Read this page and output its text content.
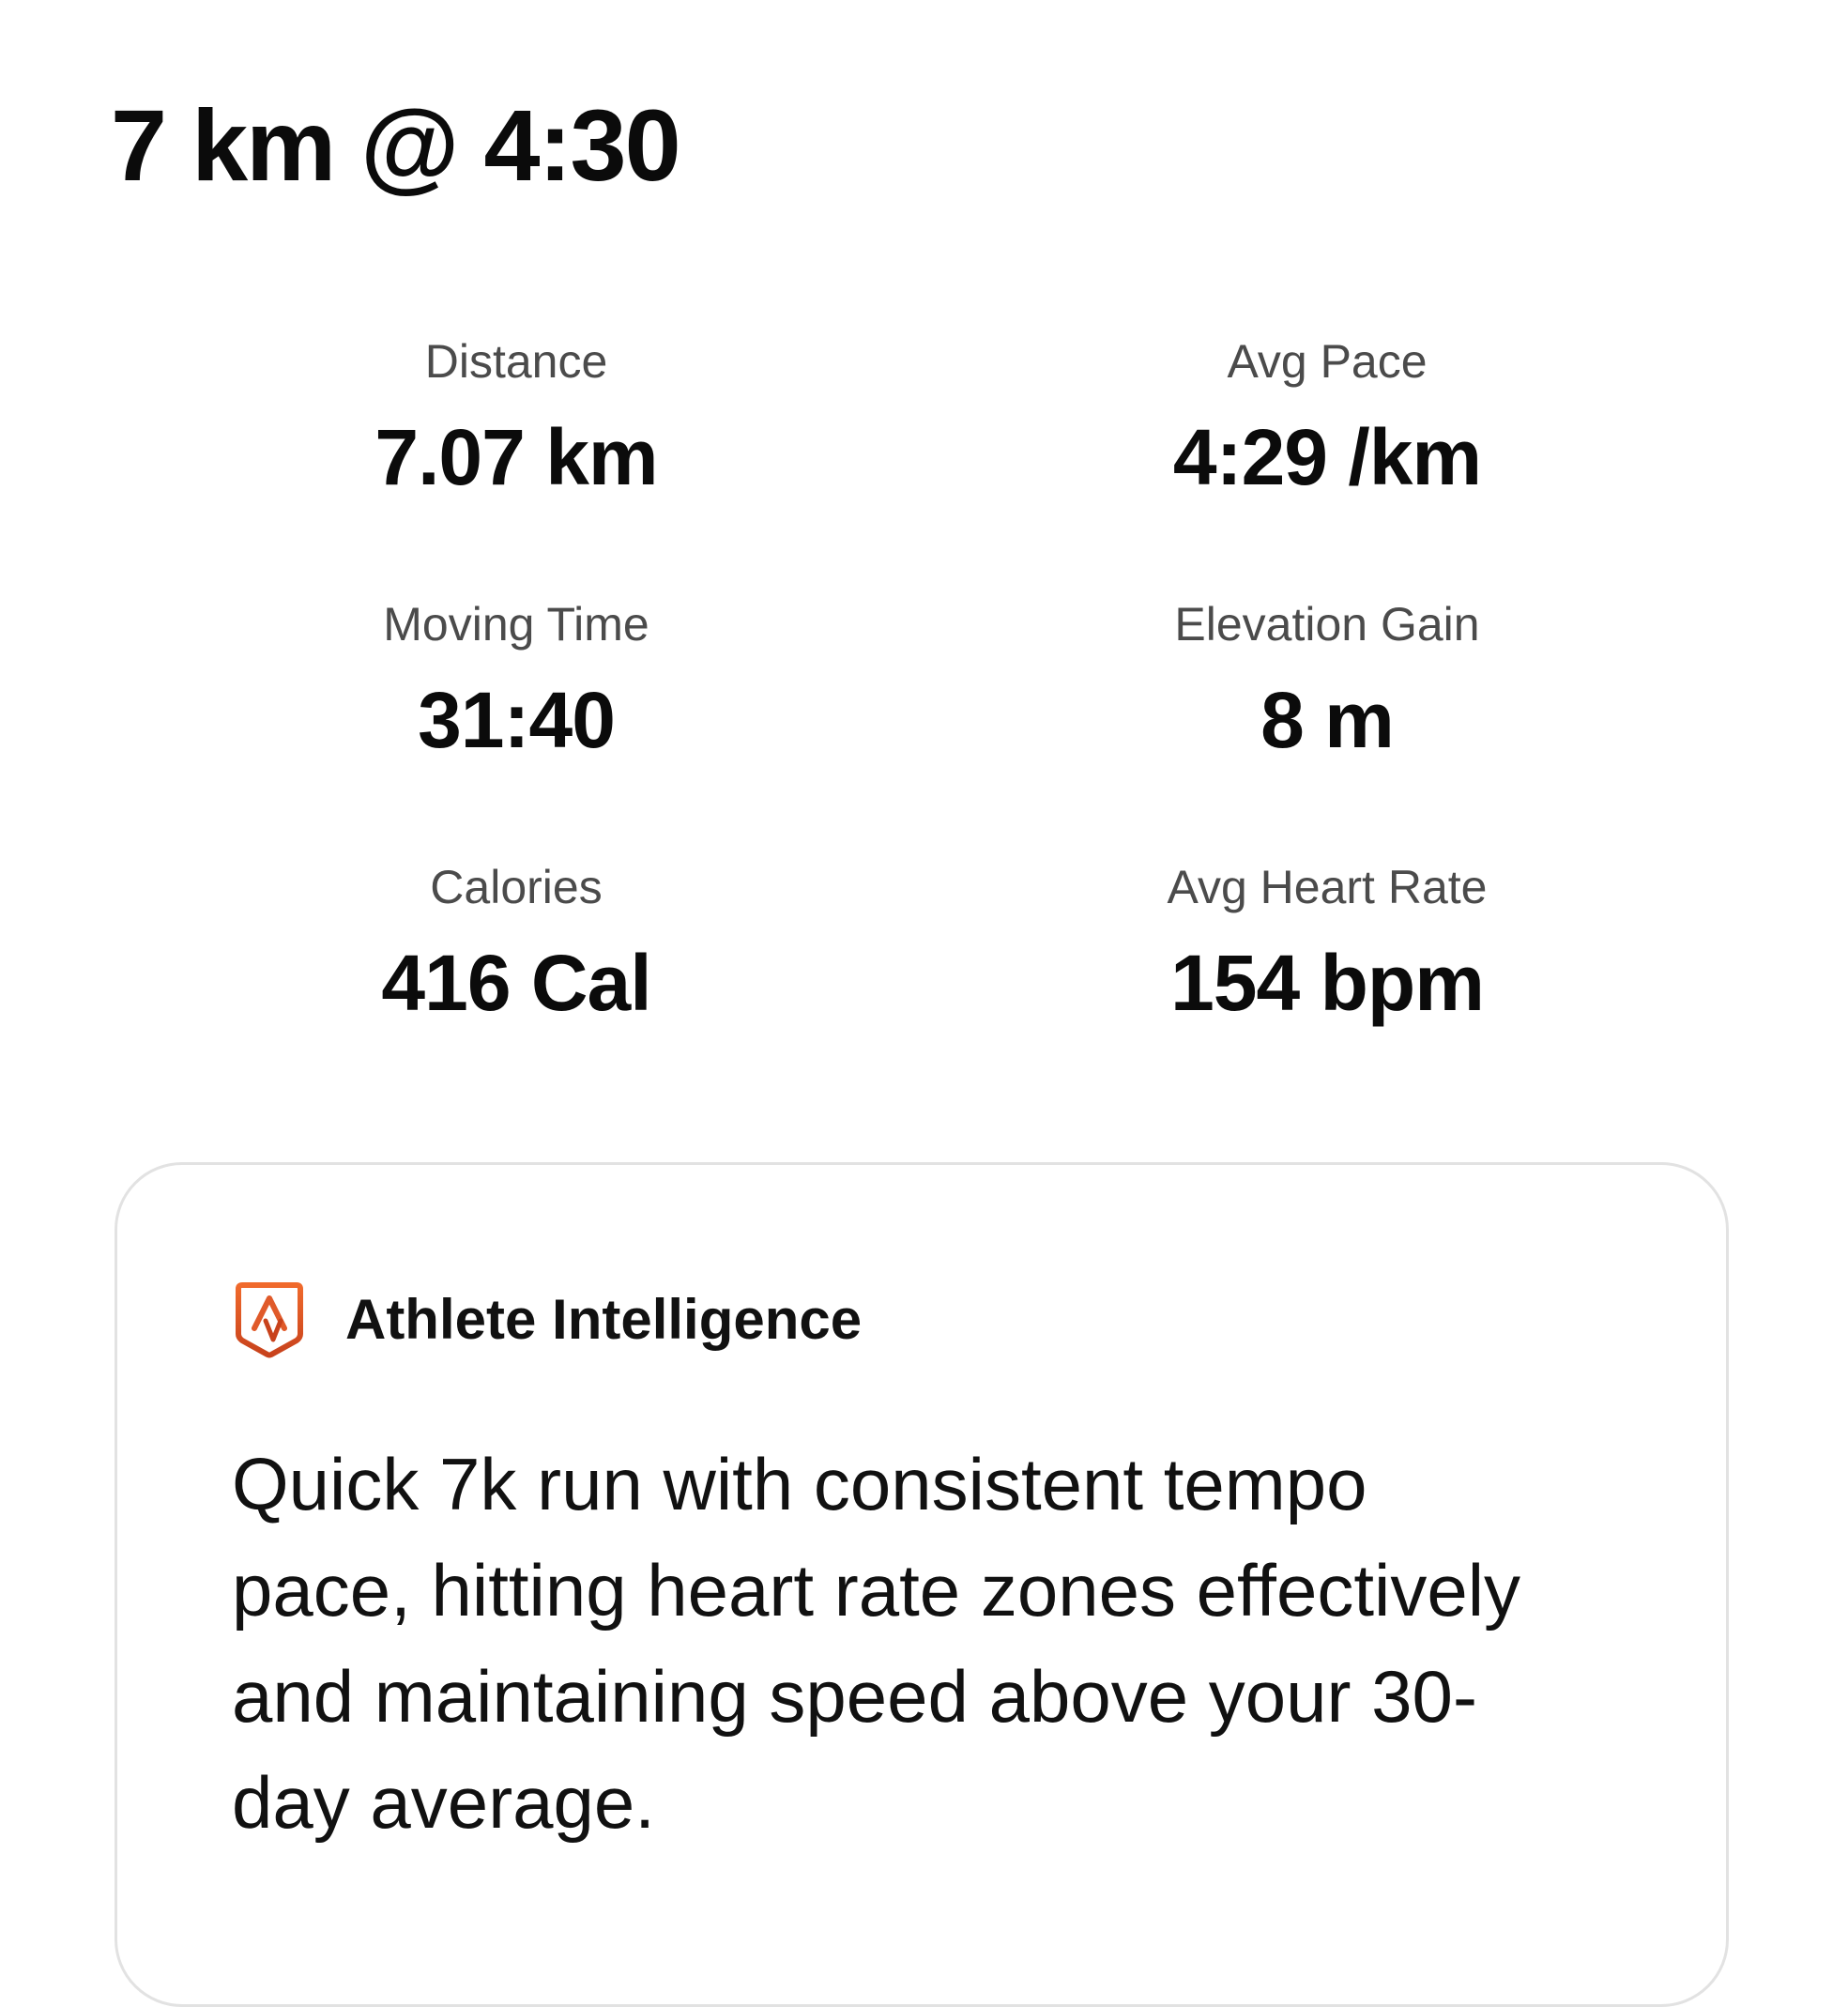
7 km @ 4:30
Distance
7.07 km
Avg Pace
4:29 /km
Moving Time
31:40
Elevation Gain
8 m
Calories
416 Cal
Avg Heart Rate
154 bpm
Athlete Intelligence
Quick 7k run with consistent tempo pace, hitting heart rate zones effectively and maintaining speed above your 30-day average.
